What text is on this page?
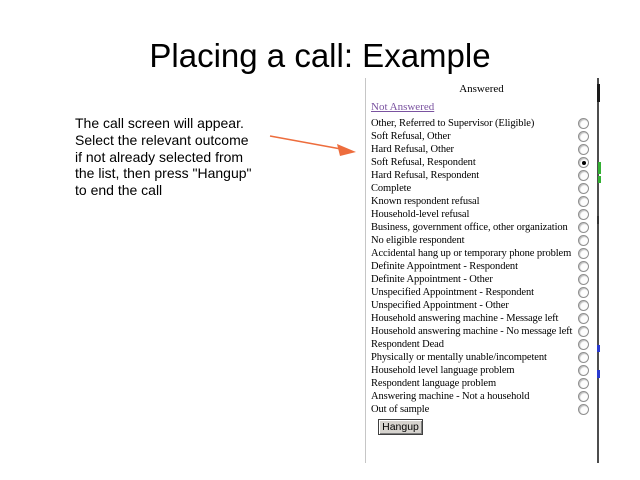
Placing a call: Example
The call screen will appear.
Select the relevant outcome
if not already selected from
the list, then press "Hangup"
to end the call
Answered
Not Answered
Other, Referred to Supervisor (Eligible)
Soft Refusal, Other
Hard Refusal, Other
Soft Refusal, Respondent
Hard Refusal, Respondent
Complete
Known respondent refusal
Household-level refusal
Business, government office, other organization
No eligible respondent
Accidental hang up or temporary phone problem
Definite Appointment - Respondent
Definite Appointment - Other
Unspecified Appointment - Respondent
Unspecified Appointment - Other
Household answering machine - Message left
Household answering machine - No message left
Respondent Dead
Physically or mentally unable/incompetent
Household level language problem
Respondent language problem
Answering machine - Not a household
Out of sample
Hangup
